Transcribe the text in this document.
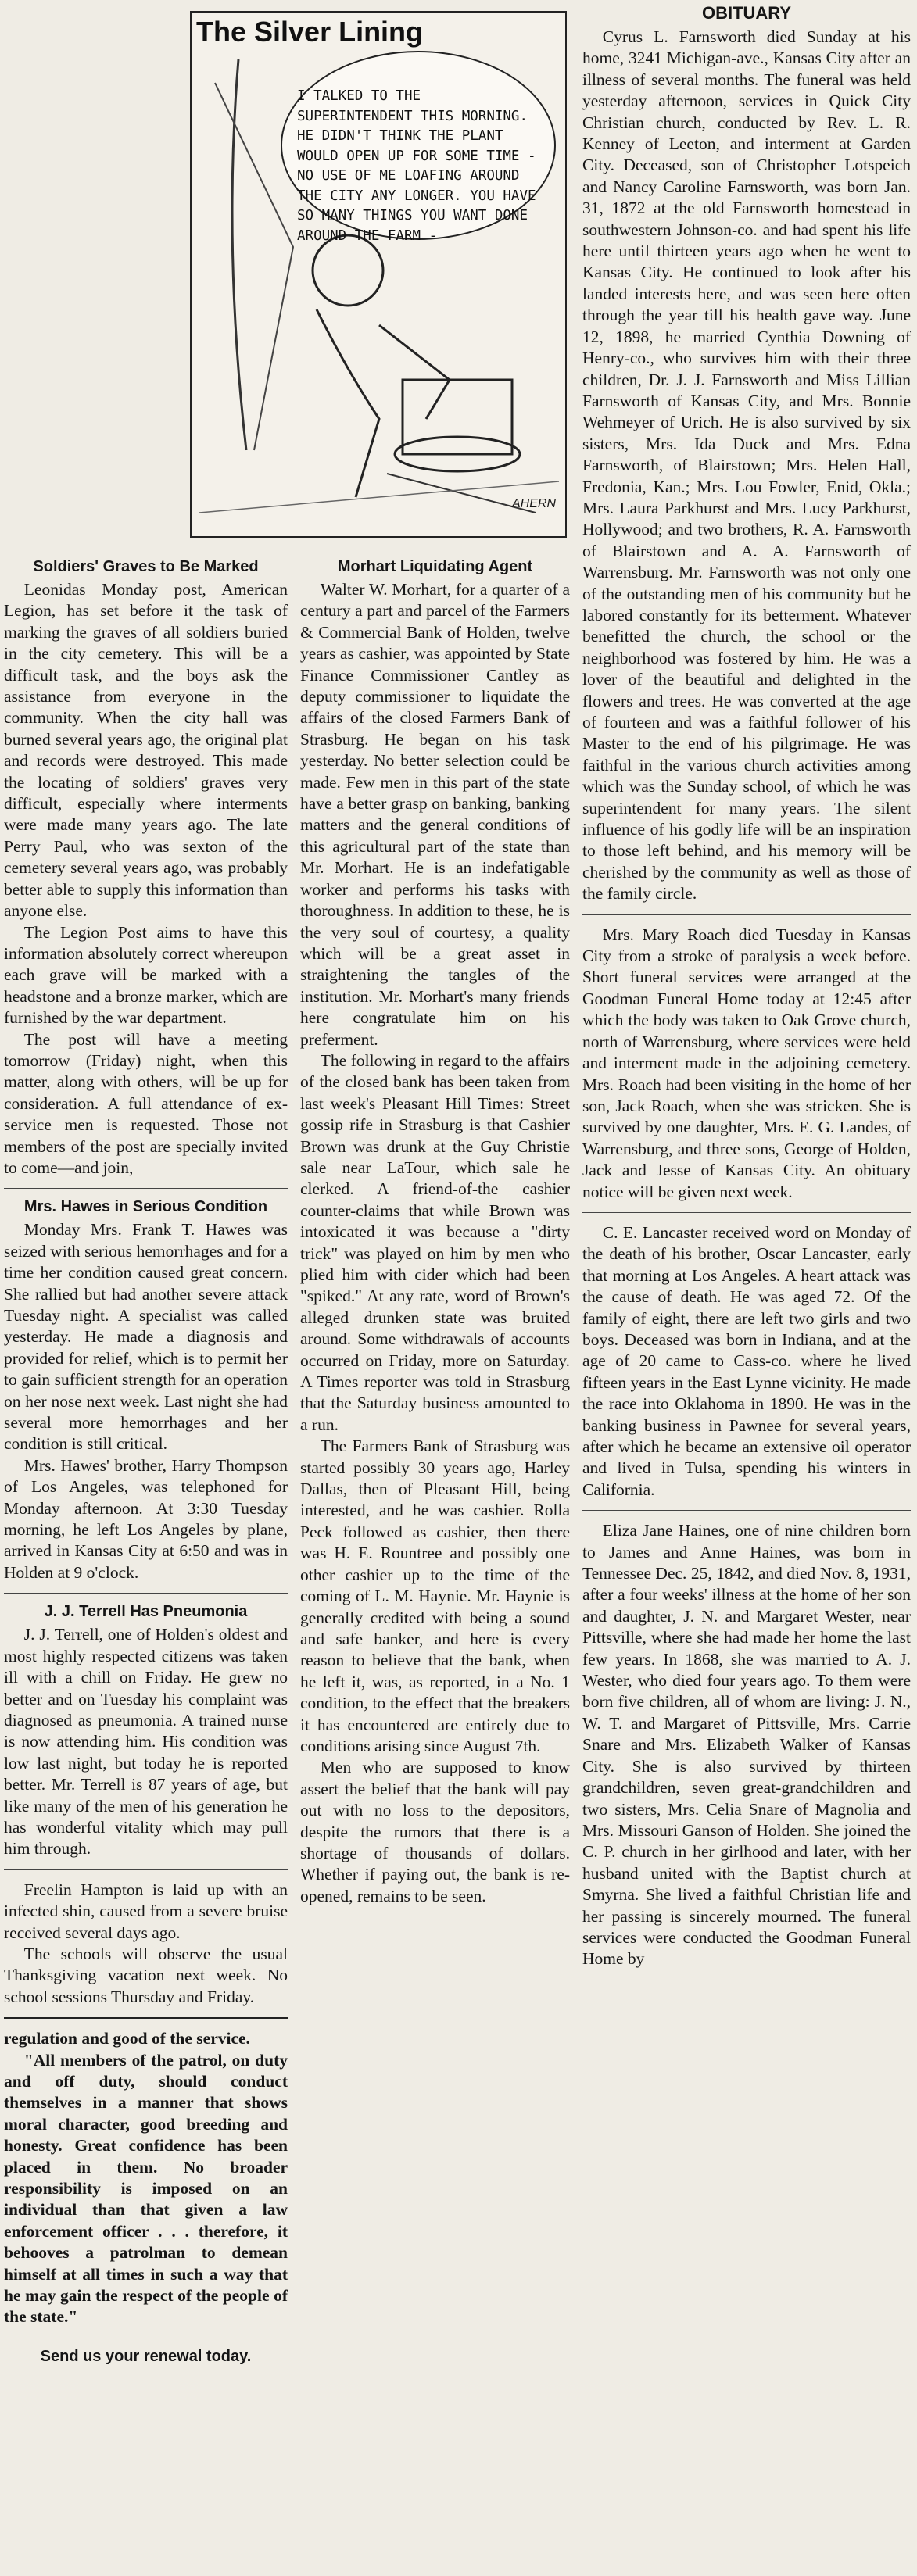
The Silver Lining

I TALKED TO THE SUPERINTENDENT THIS MORNING. HE DIDN'T THINK THE PLANT WOULD OPEN UP FOR SOME TIME - NO USE OF ME LOAFING AROUND THE CITY ANY LONGER. YOU HAVE SO MANY THINGS YOU WANT DONE AROUND THE FARM -

AHERN
Soldiers' Graves to Be Marked

Leonidas Monday post, American Legion, has set before it the task of marking the graves of all soldiers buried in the city cemetery. This will be a difficult task, and the boys ask the assistance from everyone in the community. When the city hall was burned several years ago, the original plat and records were destroyed. This made the locating of soldiers' graves very difficult, especially where interments were made many years ago. The late Perry Paul, who was sexton of the cemetery several years ago, was probably better able to supply this information than anyone else.

The Legion Post aims to have this information absolutely correct whereupon each grave will be marked with a headstone and a bronze marker, which are furnished by the war department.

The post will have a meeting tomorrow (Friday) night, when this matter, along with others, will be up for consideration. A full attendance of ex-service men is requested. Those not members of the post are specially invited to come—and join,

Mrs. Hawes in Serious Condition

Monday Mrs. Frank T. Hawes was seized with serious hemorrhages and for a time her condition caused great concern. She rallied but had another severe attack Tuesday night. A specialist was called yesterday. He made a diagnosis and provided for relief, which is to permit her to gain sufficient strength for an operation on her nose next week. Last night she had several more hemorrhages and her condition is still critical.

Mrs. Hawes' brother, Harry Thompson of Los Angeles, was telephoned for Monday afternoon. At 3:30 Tuesday morning, he left Los Angeles by plane, arrived in Kansas City at 6:50 and was in Holden at 9 o'clock.

J. J. Terrell Has Pneumonia

J. J. Terrell, one of Holden's oldest and most highly respected citizens was taken ill with a chill on Friday. He grew no better and on Tuesday his complaint was diagnosed as pneumonia. A trained nurse is now attending him. His condition was low last night, but today he is reported better. Mr. Terrell is 87 years of age, but like many of the men of his generation he has wonderful vitality which may pull him through.

Freelin Hampton is laid up with an infected shin, caused from a severe bruise received several days ago.

The schools will observe the usual Thanksgiving vacation next week. No school sessions Thursday and Friday.

regulation and good of the service.

"All members of the patrol, on duty and off duty, should conduct themselves in a manner that shows moral character, good breeding and honesty. Great confidence has been placed in them. No broader responsibility is imposed on an individual than that given a law enforcement officer . . . therefore, it behooves a patrolman to demean himself at all times in such a way that he may gain the respect of the people of the state."

Send us your renewal today.
Morhart Liquidating Agent

Walter W. Morhart, for a quarter of a century a part and parcel of the Farmers & Commercial Bank of Holden, twelve years as cashier, was appointed by State Finance Commissioner Cantley as deputy commissioner to liquidate the affairs of the closed Farmers Bank of Strasburg. He began on his task yesterday. No better selection could be made. Few men in this part of the state have a better grasp on banking, banking matters and the general conditions of this agricultural part of the state than Mr. Morhart. He is an indefatigable worker and performs his tasks with thoroughness. In addition to these, he is the very soul of courtesy, a quality which will be a great asset in straightening the tangles of the institution. Mr. Morhart's many friends here congratulate him on his preferment.

The following in regard to the affairs of the closed bank has been taken from last week's Pleasant Hill Times: Street gossip rife in Strasburg is that Cashier Brown was drunk at the Guy Christie sale near LaTour, which sale he clerked. A friend-of-the cashier counter-claims that while Brown was intoxicated it was because a "dirty trick" was played on him by men who plied him with cider which had been "spiked." At any rate, word of Brown's alleged drunken state was bruited around. Some withdrawals of accounts occurred on Friday, more on Saturday. A Times reporter was told in Strasburg that the Saturday business amounted to a run.

The Farmers Bank of Strasburg was started possibly 30 years ago, Harley Dallas, then of Pleasant Hill, being interested, and he was cashier. Rolla Peck followed as cashier, then there was H. E. Rountree and possibly one other cashier up to the time of the coming of L. M. Haynie. Mr. Haynie is generally credited with being a sound and safe banker, and here is every reason to believe that the bank, when he left it, was, as reported, in a No. 1 condition, to the effect that the breakers it has encountered are entirely due to conditions arising since August 7th.

Men who are supposed to know assert the belief that the bank will pay out with no loss to the depositors, despite the rumors that there is a shortage of thousands of dollars. Whether if paying out, the bank is re-opened, remains to be seen.

OBITUARY

Cyrus L. Farnsworth died Sunday at his home, 3241 Michigan-ave., Kansas City after an illness of several months. The funeral was held yesterday afternoon, services in Quick City Christian church, conducted by Rev. L. R. Kenney of Leeton, and interment at Garden City. Deceased, son of Christopher Lotspeich and Nancy Caroline Farnsworth, was born Jan. 31, 1872 at the old Farnsworth homestead in southwestern Johnson-co. and had spent his life here until thirteen years ago when he went to Kansas City. He continued to look after his landed interests here, and was seen here often through the year till his health gave way. June 12, 1898, he married Cynthia Downing of Henry-co., who survives him with their three children, Dr. J. J. Farnsworth and Miss Lillian Farnsworth of Kansas City, and Mrs. Bonnie Wehmeyer of Urich. He is also survived by six sisters, Mrs. Ida Duck and Mrs. Edna Farnsworth, of Blairstown; Mrs. Helen Hall, Fredonia, Kan.; Mrs. Lou Fowler, Enid, Okla.; Mrs. Laura Parkhurst and Mrs. Lucy Parkhurst, Hollywood; and two brothers, R. A. Farnsworth of Blairstown and A. A. Farnsworth of Warrensburg. Mr. Farnsworth was not only one of the outstanding men of his community but he labored constantly for its betterment. Whatever benefitted the church, the school or the neighborhood was fostered by him. He was a lover of the beautiful and delighted in the flowers and trees. He was converted at the age of fourteen and was a faithful follower of his Master to the end of his pilgrimage. He was faithful in the various church activities among which was the Sunday school, of which he was superintendent for many years. The silent influence of his godly life will be an inspiration to those left behind, and his memory will be cherished by the community as well as those of the family circle.

Mrs. Mary Roach died Tuesday in Kansas City from a stroke of paralysis a week before. Short funeral services were arranged at the Goodman Funeral Home today at 12:45 after which the body was taken to Oak Grove church, north of Warrensburg, where services were held and interment made in the adjoining cemetery. Mrs. Roach had been visiting in the home of her son, Jack Roach, when she was stricken. She is survived by one daughter, Mrs. E. G. Landes, of Warrensburg, and three sons, George of Holden, Jack and Jesse of Kansas City. An obituary notice will be given next week.

C. E. Lancaster received word on Monday of the death of his brother, Oscar Lancaster, early that morning at Los Angeles. A heart attack was the cause of death. He was aged 72. Of the family of eight, there are left two girls and two boys. Deceased was born in Indiana, and at the age of 20 came to Cass-co. where he lived fifteen years in the East Lynne vicinity. He made the race into Oklahoma in 1890. He was in the banking business in Pawnee for several years, after which he became an extensive oil operator and lived in Tulsa, spending his winters in California.

Eliza Jane Haines, one of nine children born to James and Anne Haines, was born in Tennessee Dec. 25, 1842, and died Nov. 8, 1931, after a four weeks' illness at the home of her son and daughter, J. N. and Margaret Wester, near Pittsville, where she had made her home the last few years. In 1868, she was married to A. J. Wester, who died four years ago. To them were born five children, all of whom are living: J. N., W. T. and Margaret of Pittsville, Mrs. Carrie Snare and Mrs. Elizabeth Walker of Kansas City. She is also survived by thirteen grandchildren, seven great-grandchildren and two sisters, Mrs. Celia Snare of Magnolia and Mrs. Missouri Ganson of Holden. She joined the C. P. church in her girlhood and later, with her husband united with the Baptist church at Smyrna. She lived a faithful Christian life and her passing is sincerely mourned. The funeral services were conducted the Goodman Funeral Home by
